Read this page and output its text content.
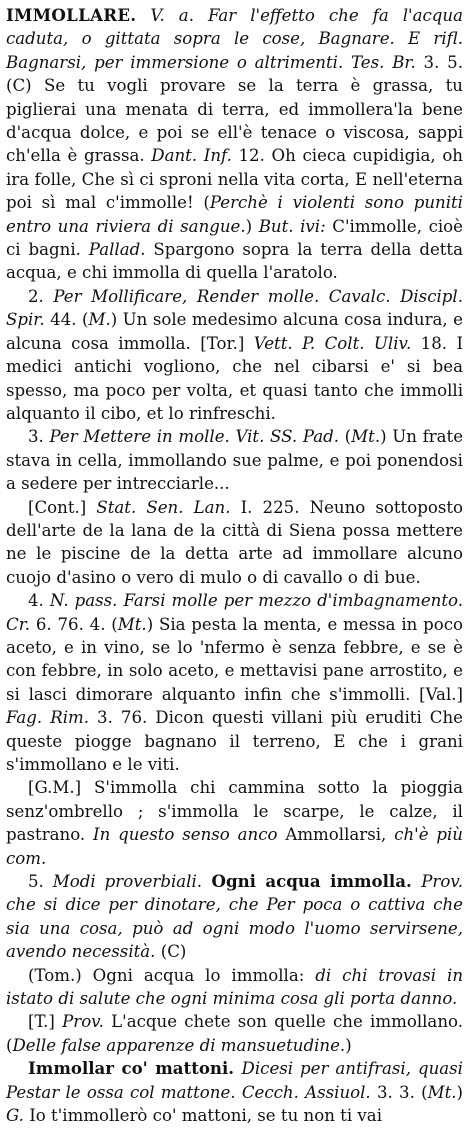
IMMOLLARE. V. a. Far l'effetto che fa l'acqua caduta, o gittata sopra le cose, Bagnare. E rifl. Bagnarsi, per immersione o altrimenti. Tes. Br. 3. 5. (C) Se tu vogli provare se la terra è grassa, tu piglierai una menata di terra, ed immollera'la bene d'acqua dolce, e poi se ell'è tenace o viscosa, sappi ch'ella è grassa. Dant. Inf. 12. Oh cieca cupidigia, oh ira folle, Che sì ci sproni nella vita corta, E nell'eterna poi sì mal c'immolle! (Perchè i violenti sono puniti entro una riviera di sangue.) But. ivi: C'immolle, cioè ci bagni. Pallad. Spargono sopra la terra della detta acqua, e chi immolla di quella l'aratolo.

2. Per Mollificare, Render molle. Cavalc. Discipl. Spir. 44. (M.) Un sole medesimo alcuna cosa indura, e alcuna cosa immolla. [Tor.] Vett. P. Colt. Uliv. 18. I medici antichi vogliono, che nel cibarsi e' si bea spesso, ma poco per volta, et quasi tanto che immolli alquanto il cibo, et lo rinfreschi.

3. Per Mettere in molle. Vit. SS. Pad. (Mt.) Un frate stava in cella, immollando sue palme, e poi ponendosi a sedere per intrecciarle...

[Cont.] Stat. Sen. Lan. I. 225. Neuno sottoposto dell'arte de la lana de la città di Siena possa mettere ne le piscine de la detta arte ad immollare alcuno cuojo d'asino o vero di mulo o di cavallo o di bue.

4. N. pass. Farsi molle per mezzo d'imbagnamento. Cr. 6. 76. 4. (Mt.) Sia pesta la menta, e messa in poco aceto, e in vino, se lo 'nfermo è senza febbre, e se è con febbre, in solo aceto, e mettavisi pane arrostito, e si lasci dimorare alquanto infin che s'immolli. [Val.] Fag. Rim. 3. 76. Dicon questi villani più eruditi Che queste piogge bagnano il terreno, E che i grani s'immollano e le viti.

[G.M.] S'immolla chi cammina sotto la pioggia senz'ombrello ; s'immolla le scarpe, le calze, il pastrano. In questo senso anco Ammollarsi, ch'è più com.

5. Modi proverbiali. Ogni acqua immolla. Prov. che si dice per dinotare, che Per poca o cattiva che sia una cosa, può ad ogni modo l'uomo servirsene, avendo necessità. (C)

(Tom.) Ogni acqua lo immolla: di chi trovasi in istato di salute che ogni minima cosa gli porta danno.

[T.] Prov. L'acque chete son quelle che immollano. (Delle false apparenze di mansuetudine.)

Immollar co' mattoni. Dicesi per antifrasi, quasi Pestar le ossa col mattone. Cecch. Assiuol. 3. 3. (Mt.) G. Io t'immollerò co' mattoni, se tu non ti vai
